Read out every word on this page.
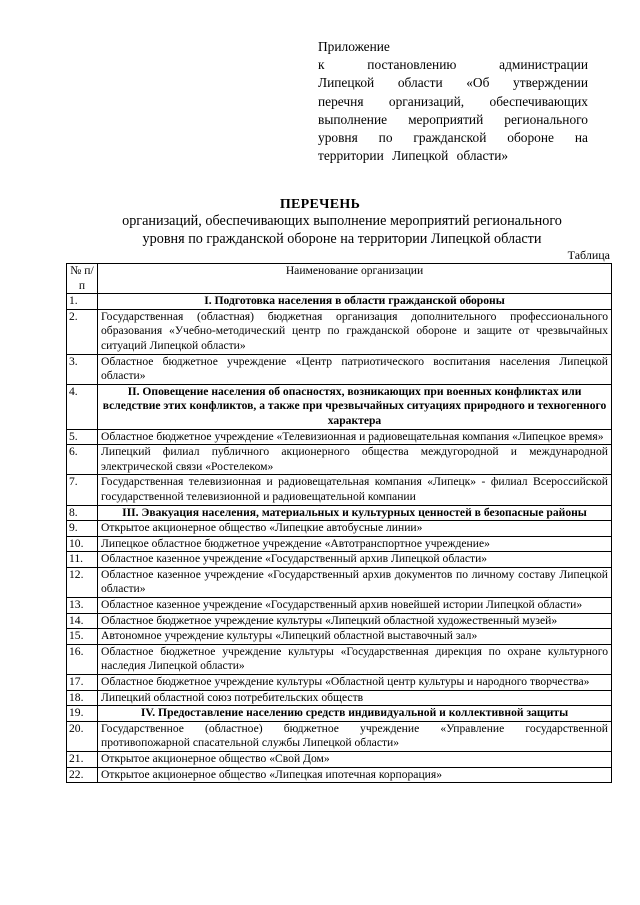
Приложение
к постановлению администрации
Липецкой области «Об утверждении
перечня организаций, обеспечивающих
выполнение мероприятий регионального
уровня по гражданской обороне на
территории Липецкой области»
ПЕРЕЧЕНЬ
организаций, обеспечивающих выполнение мероприятий регионального
уровня по гражданской обороне на территории Липецкой области
Таблица
№ п/п	Наименование организации
1.	I. Подготовка населения в области гражданской обороны
2.	Государственная (областная) бюджетная организация дополнительного профессионального образования «Учебно-методический центр по гражданской обороне и защите от чрезвычайных ситуаций Липецкой области»
3.	Областное бюджетное учреждение «Центр патриотического воспитания населения Липецкой области»
4.	II. Оповещение населения об опасностях, возникающих при военных конфликтах или вследствие этих конфликтов, а также при чрезвычайных ситуациях природного и техногенного характера
5.	Областное бюджетное учреждение «Телевизионная и радиовещательная компания «Липецкое время»
6.	Липецкий филиал публичного акционерного общества междугородной и международной электрической связи «Ростелеком»
7.	Государственная телевизионная и радиовещательная компания «Липецк» - филиал Всероссийской государственной телевизионной и радиовещательной компании
8.	III. Эвакуация населения, материальных и культурных ценностей в безопасные районы
9.	Открытое акционерное общество «Липецкие автобусные линии»
10.	Липецкое областное бюджетное учреждение «Автотранспортное учреждение»
11.	Областное казенное учреждение «Государственный архив Липецкой области»
12.	Областное казенное учреждение «Государственный архив документов по личному составу Липецкой области»
13.	Областное казенное учреждение «Государственный архив новейшей истории Липецкой области»
14.	Областное бюджетное учреждение культуры «Липецкий областной художественный музей»
15.	Автономное учреждение культуры «Липецкий областной выставочный зал»
16.	Областное бюджетное учреждение культуры «Государственная дирекция по охране культурного наследия Липецкой области»
17.	Областное бюджетное учреждение культуры «Областной центр культуры и народного творчества»
18.	Липецкий областной союз потребительских обществ
19.	IV. Предоставление населению средств индивидуальной и коллективной защиты
20.	Государственное (областное) бюджетное учреждение «Управление государственной противопожарной спасательной службы Липецкой области»
21.	Открытое акционерное общество «Свой Дом»
22.	Открытое акционерное общество «Липецкая ипотечная корпорация»
